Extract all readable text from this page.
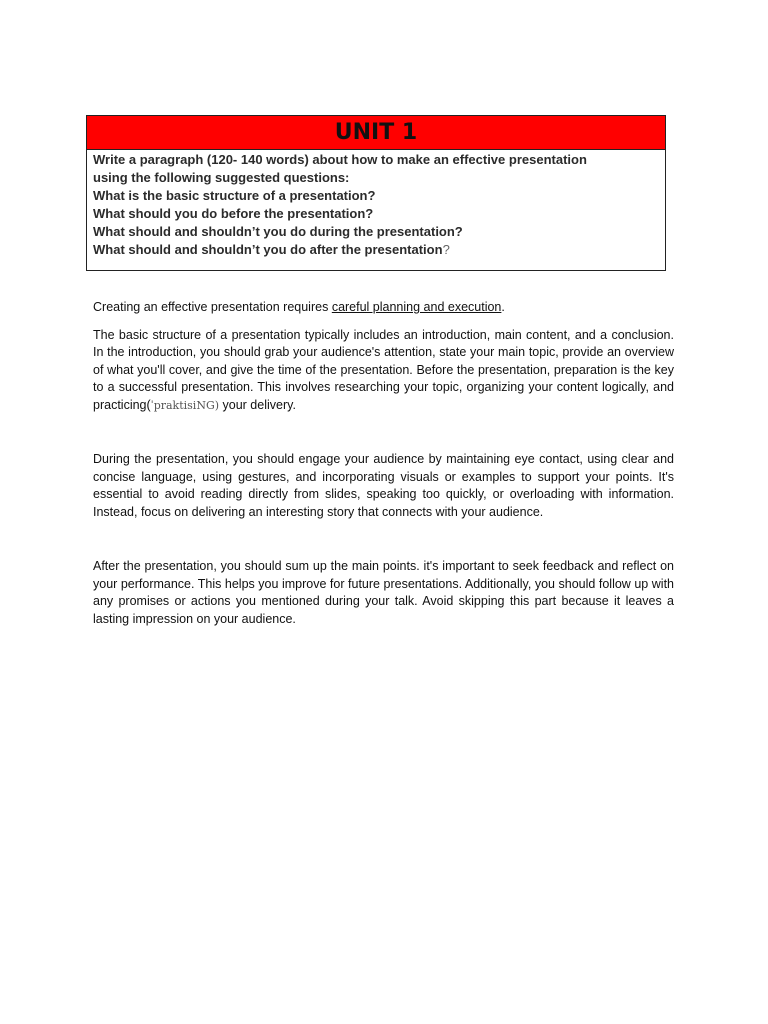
UNIT 1
Write a paragraph (120- 140 words) about how to make an effective presentation
using the following suggested questions:
What is the basic structure of a presentation?
What should you do before the presentation?
What should and shouldn’t you do during the presentation?
What should and shouldn’t you do after the presentation?

Creating an effective presentation requires careful planning and execution.

The basic structure of a presentation typically includes an introduction, main content, and a conclusion. In the introduction, you should grab your audience's attention, state your main topic, provide an overview of what you'll cover, and give the time of the presentation. Before the presentation, preparation is the key to a successful presentation. This involves researching your topic, organizing your content logically, and practicing(ˈpraktisiNG) your delivery.

During the presentation, you should engage your audience by maintaining eye contact, using clear and concise language, using gestures, and incorporating visuals or examples to support your points. It's essential to avoid reading directly from slides, speaking too quickly, or overloading with information. Instead, focus on delivering an interesting story that connects with your audience.

After the presentation, you should sum up the main points. it's important to seek feedback and reflect on your performance. This helps you improve for future presentations. Additionally, you should follow up with any promises or actions you mentioned during your talk. Avoid skipping this part because it leaves a lasting impression on your audience.
